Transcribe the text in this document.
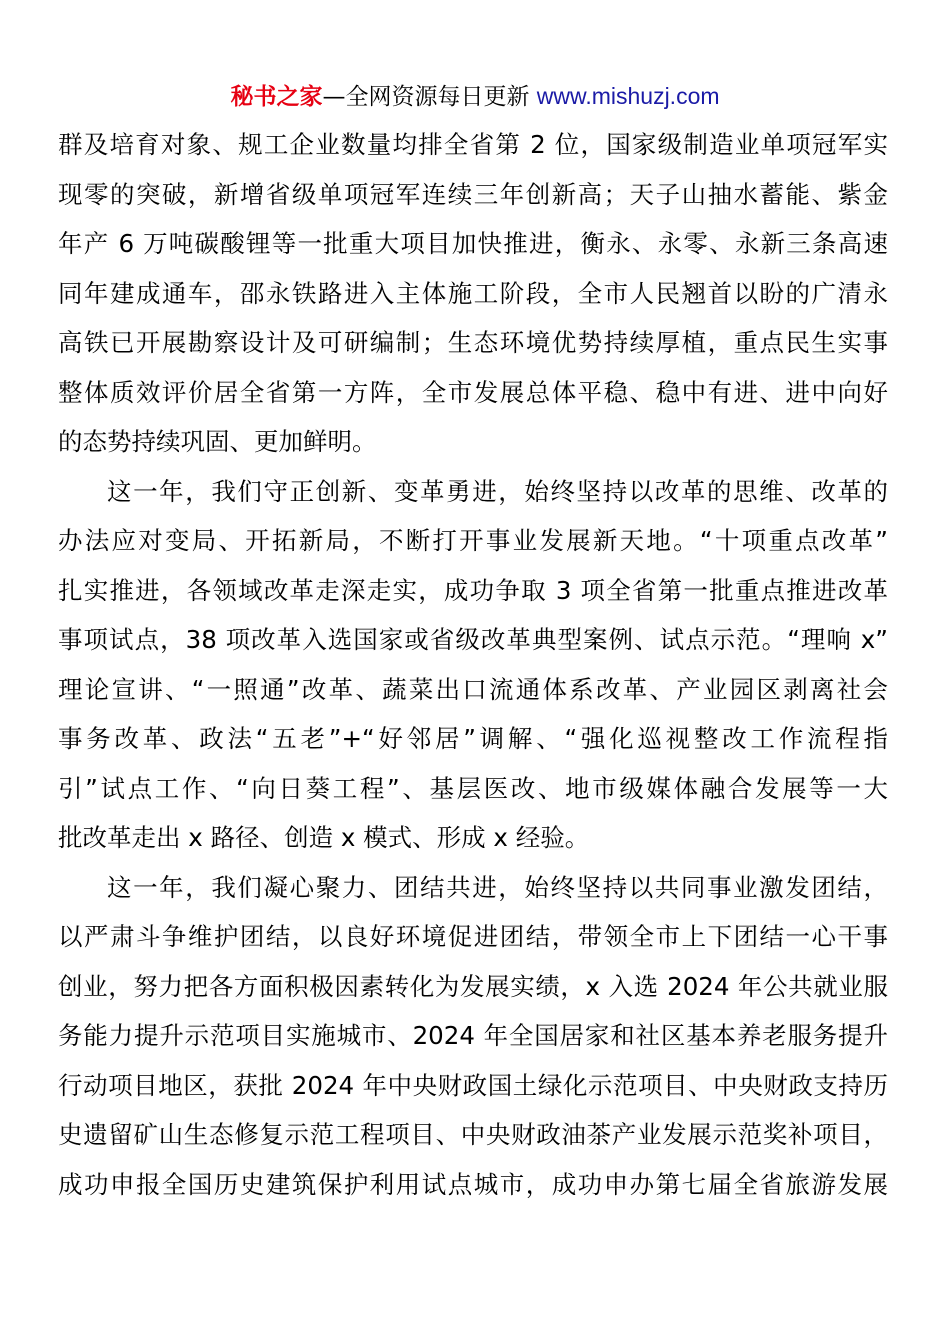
秘书之家—全网资源每日更新 www.mishuzj.com
群及培育对象、规工企业数量均排全省第 2 位，国家级制造业单项冠军实
现零的突破，新增省级单项冠军连续三年创新高；天子山抽水蓄能、紫金
年产 6 万吨碳酸锂等一批重大项目加快推进，衡永、永零、永新三条高速
同年建成通车，邵永铁路进入主体施工阶段，全市人民翘首以盼的广清永
高铁已开展勘察设计及可研编制；生态环境优势持续厚植，重点民生实事
整体质效评价居全省第一方阵，全市发展总体平稳、稳中有进、进中向好
的态势持续巩固、更加鲜明。
这一年，我们守正创新、变革勇进，始终坚持以改革的思维、改革的
办法应对变局、开拓新局，不断打开事业发展新天地。“十项重点改革”
扎实推进，各领域改革走深走实，成功争取 3 项全省第一批重点推进改革
事项试点，38 项改革入选国家或省级改革典型案例、试点示范。“理响 x”
理论宣讲、“一照通”改革、蔬菜出口流通体系改革、产业园区剥离社会
事务改革、政法“五老”+“好邻居”调解、“强化巡视整改工作流程指
引”试点工作、“向日葵工程”、基层医改、地市级媒体融合发展等一大
批改革走出 x 路径、创造 x 模式、形成 x 经验。
这一年，我们凝心聚力、团结共进，始终坚持以共同事业激发团结，
以严肃斗争维护团结，以良好环境促进团结，带领全市上下团结一心干事
创业，努力把各方面积极因素转化为发展实绩，x 入选 2024 年公共就业服
务能力提升示范项目实施城市、2024 年全国居家和社区基本养老服务提升
行动项目地区，获批 2024 年中央财政国土绿化示范项目、中央财政支持历
史遗留矿山生态修复示范工程项目、中央财政油茶产业发展示范奖补项目，
成功申报全国历史建筑保护利用试点城市，成功申办第七届全省旅游发展
